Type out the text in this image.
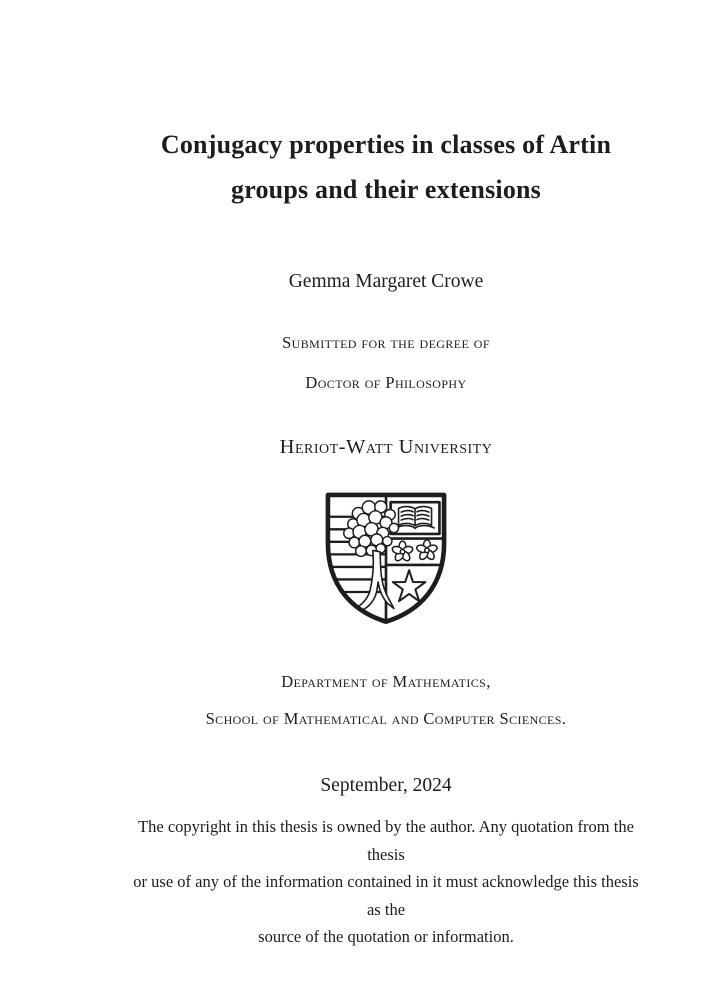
Conjugacy properties in classes of Artin
groups and their extensions
Gemma Margaret Crowe
Submitted for the degree of
Doctor of Philosophy
Heriot-Watt University
Department of Mathematics,
School of Mathematical and Computer Sciences.
September, 2024
The copyright in this thesis is owned by the author. Any quotation from the thesis
or use of any of the information contained in it must acknowledge this thesis as the
source of the quotation or information.
